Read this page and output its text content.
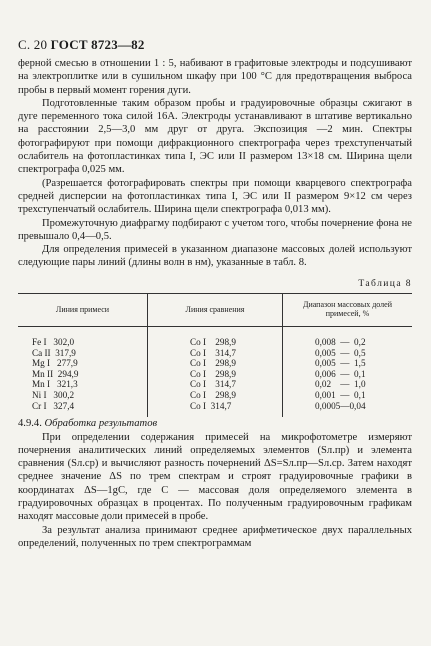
С. 20 ГОСТ 8723—82

ферной смесью в отношении 1 : 5, набивают в графитовые электроды и подсушивают на электроплитке или в сушильном шкафу при 100 °С для предотвращения выброса пробы в первый момент горения дуги.

Подготовленные таким образом пробы и градуировочные образцы сжигают в дуге переменного тока силой 16А. Электроды устанавливают в штативе вертикально на расстоянии 2,5—3,0 мм друг от друга. Экспозиция —2 мин. Спектры фотографируют при помощи дифракционного спектрографа через трехступенчатый ослабитель на фотопластинках типа I, ЭС или II размером 13×18 см. Ширина щели спектрографа 0,025 мм.

(Разрешается фотографировать спектры при помощи кварцевого спектрографа средней дисперсии на фотопластинках типа I, ЭС или II размером 9×12 см через трехступенчатый ослабитель. Ширина щели спектрографа 0,013 мм).

Промежуточную диафрагму подбирают с учетом того, чтобы почернение фона не превышало 0,4—0,5.

Для определения примесей в указанном диапазоне массовых долей используют следующие пары линий (длины волн в нм), указанные в табл. 8.

Таблица 8
Линия примеси	Линия сравнения	Диапазон массовых долей примесей, %

Fe I   302,0	Co I    298,9	0,008  —  0,2

Ca II  317,9	Co I    314,7	0,005  —  0,5

Mg I   277,9	Co I    298,9	0,005  —  1,5

Mn II  294,9	Co I    298,9	0,006  —  0,1

Mn I   321,3	Co I    314,7	0,02    —  1,0

Ni I   300,2	Co I    298,9	0,001  —  0,1

Cr I   327,4	Co I  314,7	0,0005—0,04

4.9.4. Обработка результатов

При определении содержания примесей на микрофотометре измеряют почернения аналитических линий определяемых элементов (Sл.пр) и элемента сравнения (Sл.ср) и вычисляют разность почернений ΔS=Sл.пр—Sл.ср. Затем находят среднее значение ΔS по трем спектрам и строят градуировочные графики в координатах ΔS—1gC, где C — массовая доля определяемого элемента в градуировочных образцах в процентах. По полученным градуировочным графикам находят массовые доли примесей в пробе.

За результат анализа принимают среднее арифметическое двух параллельных определений, полученных по трем спектрограммам
